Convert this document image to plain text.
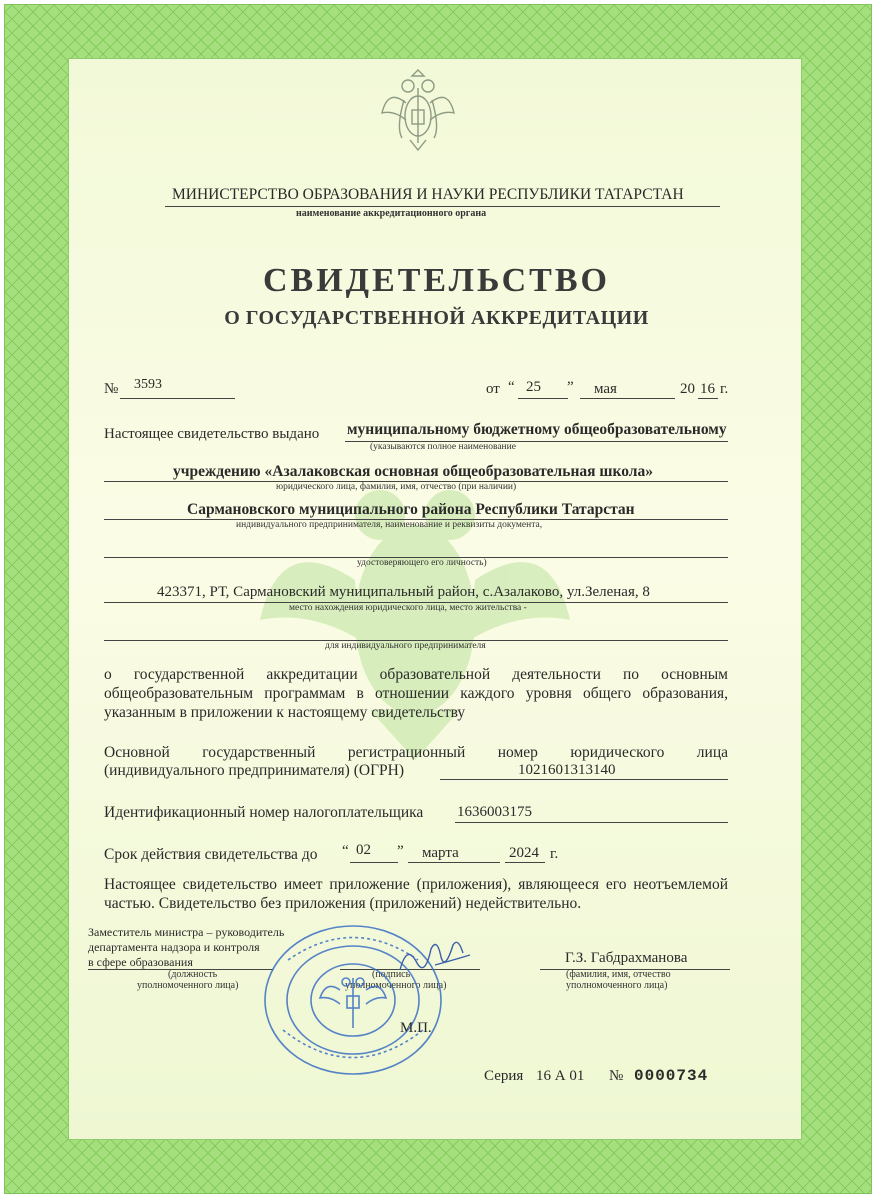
МИНИСТЕРСТВО ОБРАЗОВАНИЯ И НАУКИ РЕСПУБЛИКИ ТАТАРСТАН
наименование аккредитационного органа
СВИДЕТЕЛЬСТВО
О ГОСУДАРСТВЕННОЙ АККРЕДИТАЦИИ
№ 3593	от “ 25 ” мая	20 16 г.
Настоящее свидетельство выдано муниципальному бюджетному общеобразовательному
(указываются полное наименование
учреждению «Азалаковская основная общеобразовательная школа»
юридического лица, фамилия, имя, отчество (при наличии)
Сармановского муниципального района Республики Татарстан
индивидуального предпринимателя, наименование и реквизиты документа,
удостоверяющего его личность)
423371, РТ, Сармановский муниципальный район, с.Азалаково, ул.Зеленая, 8
место нахождения юридического лица, место жительства -
для индивидуального предпринимателя
о государственной аккредитации образовательной деятельности по основным общеобразовательным программам в отношении каждого уровня общего образования, указанным в приложении к настоящему свидетельству
Основной государственный регистрационный номер юридического лица
(индивидуального предпринимателя) (ОГРН)	1021601313140
Идентификационный номер налогоплательщика 1636003175
Срок действия свидетельства до “ 02 ” марта	2024 г.
Настоящее свидетельство имеет приложение (приложения), являющееся его неотъемлемой частью. Свидетельство без приложения (приложений) недействительно.
Заместитель министра – руководитель
департамента надзора и контроля
в сфере образования
(должность
уполномоченного лица)
(подпись
уполномоченного лица)
Г.З. Габдрахманова
(фамилия, имя, отчество
уполномоченного лица)
М.П.
Серия 16 А 01 № 0000734
